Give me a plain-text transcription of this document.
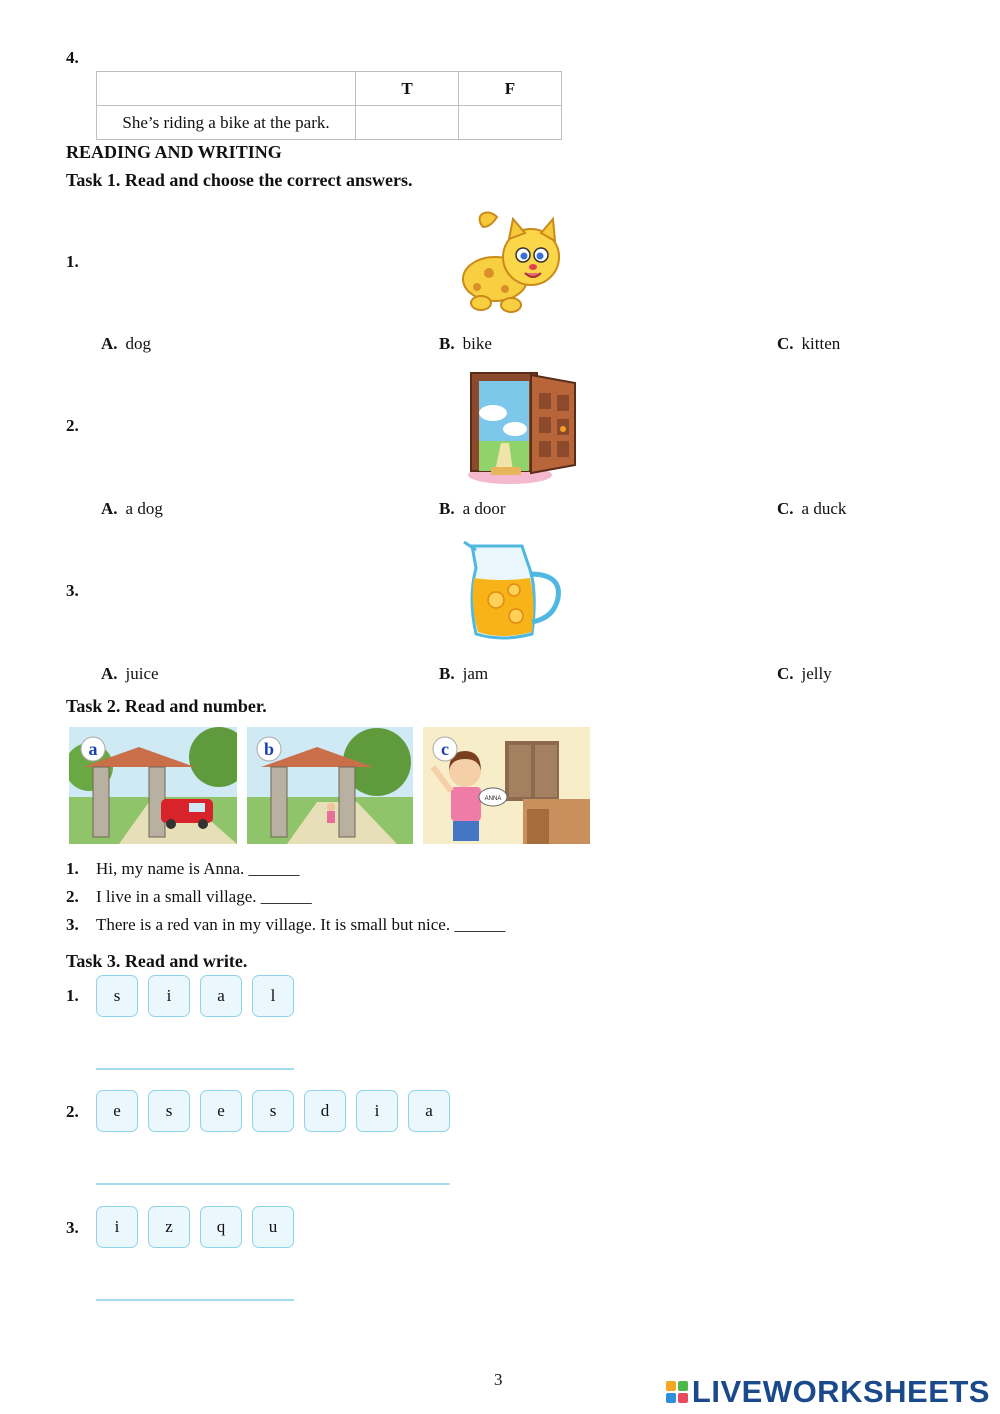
4.
	T	F
She’s riding a bike at the park.		
READING AND WRITING
Task 1. Read and choose the correct answers.
1.
A. dog	B. bike	C. kitten
2.
A. a dog	B. a door	C. a duck
3.
A. juice	B. jam	C. jelly
Task 2. Read and number.
a	b
ANNA
c
1. Hi, my name is Anna. ______
2. I live in a small village. ______
3. There is a red van in my village. It is small but nice. ______
Task 3. Read and write.
1.	s	i	a	l
2.	e	s	e	s	d	i	a
3.	i	z	q	u
3	LIVEWORKSHEETS
